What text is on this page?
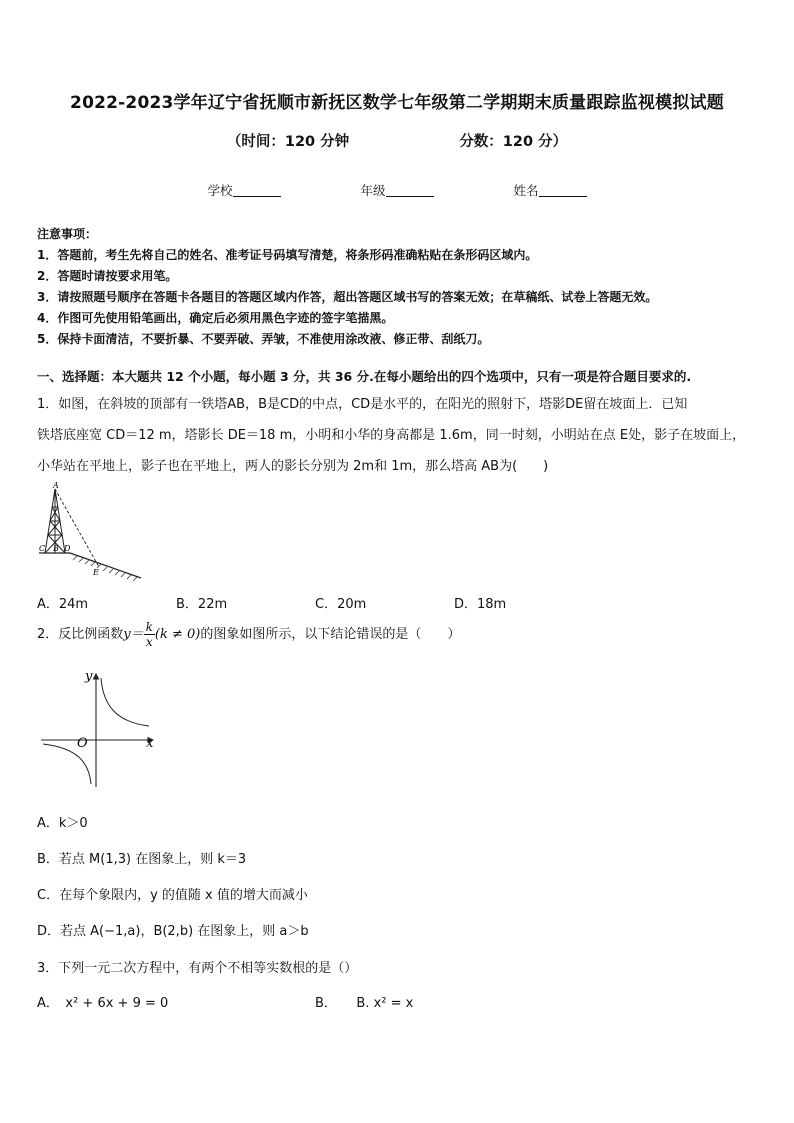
2022-2023学年辽宁省抚顺市新抚区数学七年级第二学期期末质量跟踪监视模拟试题
（时间：120 分钟	分数：120 分）
学校	年级	姓名
注意事项：
1．答题前，考生先将自己的姓名、准考证号码填写清楚，将条形码准确粘贴在条形码区域内。
2．答题时请按要求用笔。
3．请按照题号顺序在答题卡各题目的答题区域内作答，超出答题区域书写的答案无效；在草稿纸、试卷上答题无效。
4．作图可先使用铅笔画出，确定后必须用黑色字迹的签字笔描黑。
5．保持卡面清洁，不要折暴、不要弄破、弄皱，不准使用涂改液、修正带、刮纸刀。
一、选择题：本大题共 12 个小题，每小题 3 分，共 36 分.在每小题给出的四个选项中，只有一项是符合题目要求的.
1．如图，在斜坡的顶部有一铁塔AB，B是CD的中点，CD是水平的，在阳光的照射下，塔影DE留在坡面上．已知
铁塔底座宽 CD＝12 m，塔影长 DE＝18 m，小明和小华的身高都是 1.6m，同一时刻，小明站在点 E处，影子在坡面上，
小华站在平地上，影子也在平地上，两人的影长分别为 2m和 1m，那么塔高 AB为(　　)
A
C B D
E
A．24m	B．22m	C．20m	D．18m
2．反比例函数$y= \frac{k}{x} (k \ne 0)$的图象如图所示，以下结论错误的是（　　）
y
x
O
A．k＞0
B．若点 M(1,3) 在图象上，则 k＝3
C．在每个象限内，y 的值随 x 值的增大而减小
D．若点 A(−1,a)，B(2,b) 在图象上，则 a＞b
3．下列一元二次方程中，有两个不相等实数根的是（）
A．　x² + 6x + 9 = 0	B．　　B. x² = x
